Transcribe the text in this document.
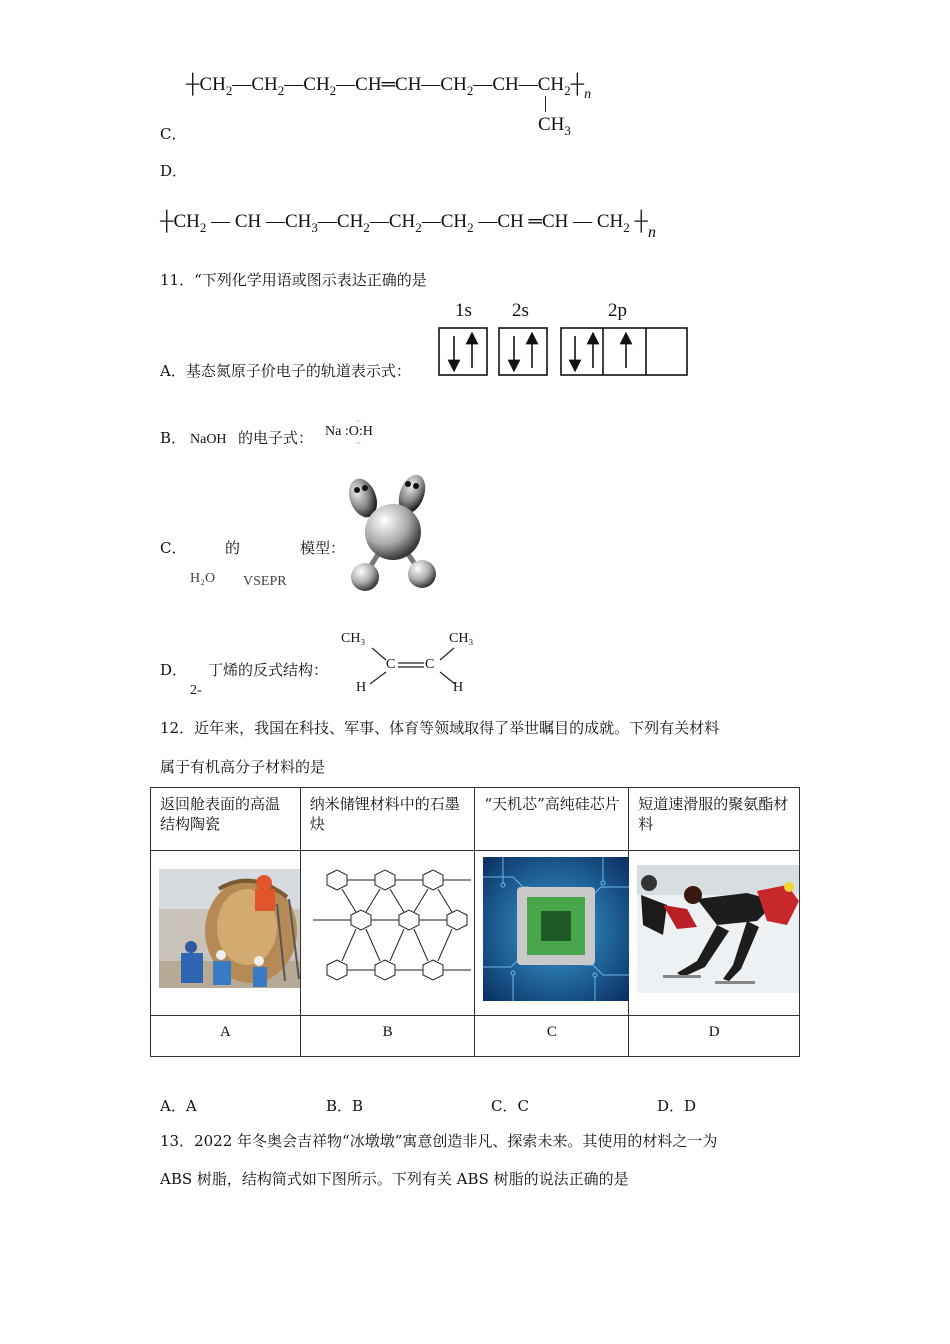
$┼CH_2—CH_2—CH_2—CH═CH—CH_2—CH—CH_2┼_n$
$CH_3$
C．
D．
$┼CH_2$ — CH $—CH_3—CH_2—CH_2—CH_2$ —CH ═CH — $CH_2$ $┼_n$
11．“下列化学用语或图示表达正确的是
1s 2s	2p
A．基态氮原子价电子的轨道表示式：
B． NaOH 的电子式： Na :O:H
··
··
C．	的	模型：
H₂O VSEPR
D．
2-
丁烯的反式结构：
CH₃	CH₃
C C
H	H
12．近年来，我国在科技、军事、体育等领域取得了举世瞩目的成就。下列有关材料
属于有机高分子材料的是
返回舱表面的高温结构陶瓷	纳米储锂材料中的石墨炔	“天机芯”高纯硅芯片	短道速滑服的聚氨酯材料

A	B	C	D
A．A	B．B	C．C	D．D
13．2022 年冬奥会吉祥物“冰墩墩”寓意创造非凡、探索未来。其使用的材料之一为
ABS 树脂，结构简式如下图所示。下列有关 ABS 树脂的说法正确的是
